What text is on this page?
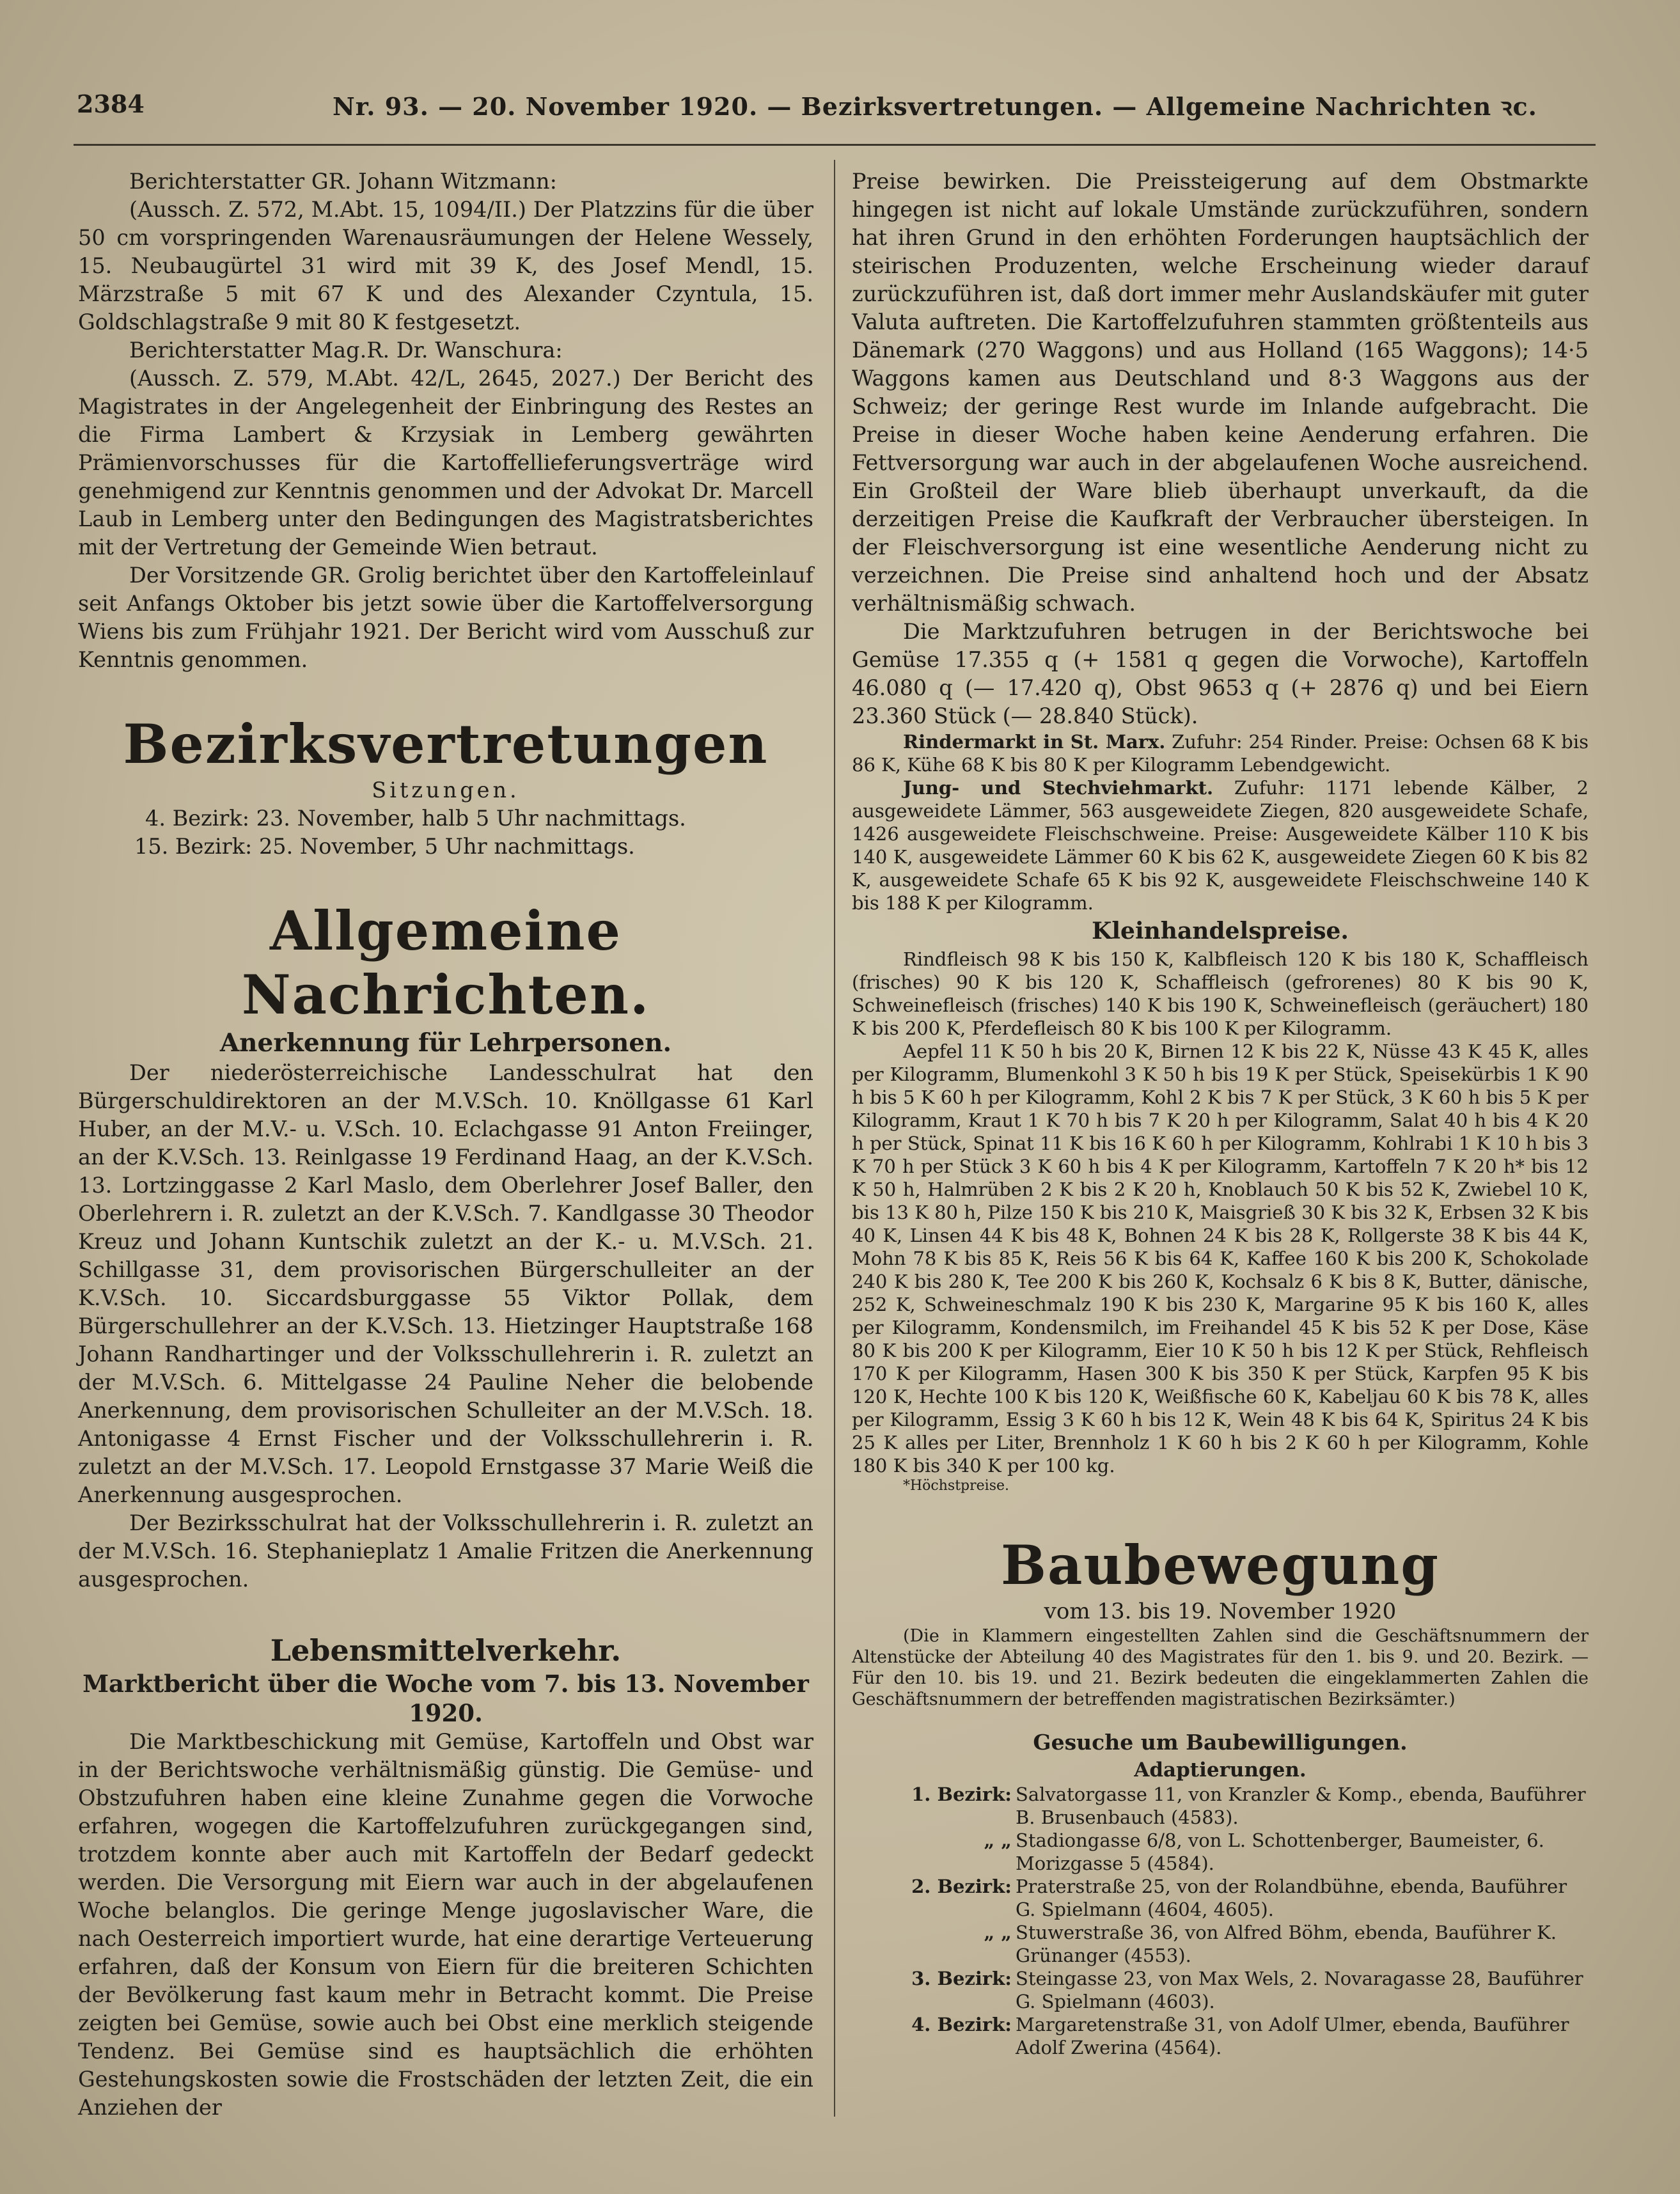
2384	Nr. 93. — 20. November 1920. — Bezirksvertretungen. — Allgemeine Nachrichten ꝛc.

Berichterstatter GR. Johann Witzmann:

(Aussch. Z. 572, M.Abt. 15, 1094/II.) Der Platzzins für die über 50 cm vorspringenden Warenausräumungen der Helene Wessely, 15. Neubaugürtel 31 wird mit 39 K, des Josef Mendl, 15. Märzstraße 5 mit 67 K und des Alexander Czyntula, 15. Goldschlagstraße 9 mit 80 K festgesetzt.

Berichterstatter Mag.R. Dr. Wanschura:

(Aussch. Z. 579, M.Abt. 42/L, 2645, 2027.) Der Bericht des Magistrates in der Angelegenheit der Einbringung des Restes an die Firma Lambert & Krzysiak in Lemberg gewährten Prämienvorschusses für die Kartoffellieferungsverträge wird genehmigend zur Kenntnis genommen und der Advokat Dr. Marcell Laub in Lemberg unter den Bedingungen des Magistratsberichtes mit der Vertretung der Gemeinde Wien betraut.

Der Vorsitzende GR. Grolig berichtet über den Kartoffeleinlauf seit Anfangs Oktober bis jetzt sowie über die Kartoffelversorgung Wiens bis zum Frühjahr 1921. Der Bericht wird vom Ausschuß zur Kenntnis genommen.

Bezirksvertretungen

Sitzungen.

4. Bezirk: 23. November, halb 5 Uhr nachmittags.

15. Bezirk: 25. November, 5 Uhr nachmittags.

Allgemeine Nachrichten.

Anerkennung für Lehrpersonen.

Der niederösterreichische Landesschulrat hat den Bürgerschuldirektoren an der M.V.Sch. 10. Knöllgasse 61 Karl Huber, an der M.V.- u. V.Sch. 10. Eclachgasse 91 Anton Freiinger, an der K.V.Sch. 13. Reinlgasse 19 Ferdinand Haag, an der K.V.Sch. 13. Lortzinggasse 2 Karl Maslo, dem Oberlehrer Josef Baller, den Oberlehrern i. R. zuletzt an der K.V.Sch. 7. Kandlgasse 30 Theodor Kreuz und Johann Kuntschik zuletzt an der K.- u. M.V.Sch. 21. Schillgasse 31, dem provisorischen Bürgerschulleiter an der K.V.Sch. 10. Siccardsburggasse 55 Viktor Pollak, dem Bürgerschullehrer an der K.V.Sch. 13. Hietzinger Hauptstraße 168 Johann Randhartinger und der Volksschullehrerin i. R. zuletzt an der M.V.Sch. 6. Mittelgasse 24 Pauline Neher die belobende Anerkennung, dem provisorischen Schulleiter an der M.V.Sch. 18. Antonigasse 4 Ernst Fischer und der Volksschullehrerin i. R. zuletzt an der M.V.Sch. 17. Leopold Ernstgasse 37 Marie Weiß die Anerkennung ausgesprochen.

Der Bezirksschulrat hat der Volksschullehrerin i. R. zuletzt an der M.V.Sch. 16. Stephanieplatz 1 Amalie Fritzen die Anerkennung ausgesprochen.

Lebensmittelverkehr.

Marktbericht über die Woche vom 7. bis 13. November 1920.

Die Marktbeschickung mit Gemüse, Kartoffeln und Obst war in der Berichtswoche verhältnismäßig günstig. Die Gemüse- und Obstzufuhren haben eine kleine Zunahme gegen die Vorwoche erfahren, wogegen die Kartoffelzufuhren zurückgegangen sind, trotzdem konnte aber auch mit Kartoffeln der Bedarf gedeckt werden. Die Versorgung mit Eiern war auch in der abgelaufenen Woche belanglos. Die geringe Menge jugoslavischer Ware, die nach Oesterreich importiert wurde, hat eine derartige Verteuerung erfahren, daß der Konsum von Eiern für die breiteren Schichten der Bevölkerung fast kaum mehr in Betracht kommt. Die Preise zeigten bei Gemüse, sowie auch bei Obst eine merklich steigende Tendenz. Bei Gemüse sind es hauptsächlich die erhöhten Gestehungskosten sowie die Frostschäden der letzten Zeit, die ein Anziehen der

Preise bewirken. Die Preissteigerung auf dem Obstmarkte hingegen ist nicht auf lokale Umstände zurückzuführen, sondern hat ihren Grund in den erhöhten Forderungen hauptsächlich der steirischen Produzenten, welche Erscheinung wieder darauf zurückzuführen ist, daß dort immer mehr Auslandskäufer mit guter Valuta auftreten. Die Kartoffelzufuhren stammten größtenteils aus Dänemark (270 Waggons) und aus Holland (165 Waggons); 14·5 Waggons kamen aus Deutschland und 8·3 Waggons aus der Schweiz; der geringe Rest wurde im Inlande aufgebracht. Die Preise in dieser Woche haben keine Aenderung erfahren. Die Fettversorgung war auch in der abgelaufenen Woche ausreichend. Ein Großteil der Ware blieb überhaupt unverkauft, da die derzeitigen Preise die Kaufkraft der Verbraucher übersteigen. In der Fleischversorgung ist eine wesentliche Aenderung nicht zu verzeichnen. Die Preise sind anhaltend hoch und der Absatz verhältnismäßig schwach.

Die Marktzufuhren betrugen in der Berichtswoche bei Gemüse 17.355 q (+ 1581 q gegen die Vorwoche), Kartoffeln 46.080 q (— 17.420 q), Obst 9653 q (+ 2876 q) und bei Eiern 23.360 Stück (— 28.840 Stück).

Rindermarkt in St. Marx. Zufuhr: 254 Rinder. Preise: Ochsen 68 K bis 86 K, Kühe 68 K bis 80 K per Kilogramm Lebendgewicht.

Jung- und Stechviehmarkt. Zufuhr: 1171 lebende Kälber, 2 ausgeweidete Lämmer, 563 ausgeweidete Ziegen, 820 ausgeweidete Schafe, 1426 ausgeweidete Fleischschweine. Preise: Ausgeweidete Kälber 110 K bis 140 K, ausgeweidete Lämmer 60 K bis 62 K, ausgeweidete Ziegen 60 K bis 82 K, ausgeweidete Schafe 65 K bis 92 K, ausgeweidete Fleischschweine 140 K bis 188 K per Kilogramm.

Kleinhandelspreise.

Rindfleisch 98 K bis 150 K, Kalbfleisch 120 K bis 180 K, Schaffleisch (frisches) 90 K bis 120 K, Schaffleisch (gefrorenes) 80 K bis 90 K, Schweinefleisch (frisches) 140 K bis 190 K, Schweinefleisch (geräuchert) 180 K bis 200 K, Pferdefleisch 80 K bis 100 K per Kilogramm.

Aepfel 11 K 50 h bis 20 K, Birnen 12 K bis 22 K, Nüsse 43 K 45 K, alles per Kilogramm, Blumenkohl 3 K 50 h bis 19 K per Stück, Speisekürbis 1 K 90 h bis 5 K 60 h per Kilogramm, Kohl 2 K bis 7 K per Stück, 3 K 60 h bis 5 K per Kilogramm, Kraut 1 K 70 h bis 7 K 20 h per Kilogramm, Salat 40 h bis 4 K 20 h per Stück, Spinat 11 K bis 16 K 60 h per Kilogramm, Kohlrabi 1 K 10 h bis 3 K 70 h per Stück 3 K 60 h bis 4 K per Kilogramm, Kartoffeln 7 K 20 h* bis 12 K 50 h, Halmrüben 2 K bis 2 K 20 h, Knoblauch 50 K bis 52 K, Zwiebel 10 K, bis 13 K 80 h, Pilze 150 K bis 210 K, Maisgrieß 30 K bis 32 K, Erbsen 32 K bis 40 K, Linsen 44 K bis 48 K, Bohnen 24 K bis 28 K, Rollgerste 38 K bis 44 K, Mohn 78 K bis 85 K, Reis 56 K bis 64 K, Kaffee 160 K bis 200 K, Schokolade 240 K bis 280 K, Tee 200 K bis 260 K, Kochsalz 6 K bis 8 K, Butter, dänische, 252 K, Schweineschmalz 190 K bis 230 K, Margarine 95 K bis 160 K, alles per Kilogramm, Kondensmilch, im Freihandel 45 K bis 52 K per Dose, Käse 80 K bis 200 K per Kilogramm, Eier 10 K 50 h bis 12 K per Stück, Rehfleisch 170 K per Kilogramm, Hasen 300 K bis 350 K per Stück, Karpfen 95 K bis 120 K, Hechte 100 K bis 120 K, Weißfische 60 K, Kabeljau 60 K bis 78 K, alles per Kilogramm, Essig 3 K 60 h bis 12 K, Wein 48 K bis 64 K, Spiritus 24 K bis 25 K alles per Liter, Brennholz 1 K 60 h bis 2 K 60 h per Kilogramm, Kohle 180 K bis 340 K per 100 kg.

*Höchstpreise.

Baubewegung

vom 13. bis 19. November 1920

(Die in Klammern eingestellten Zahlen sind die Geschäftsnummern der Altenstücke der Abteilung 40 des Magistrates für den 1. bis 9. und 20. Bezirk. — Für den 10. bis 19. und 21. Bezirk bedeuten die eingeklammerten Zahlen die Geschäftsnummern der betreffenden magistratischen Bezirksämter.)

Gesuche um Baubewilligungen.

Adaptierungen.

1. Bezirk: Salvatorgasse 11, von Kranzler & Komp., ebenda, Bauführer B. Brusenbauch (4583).
„ „ Stadiongasse 6/8, von L. Schottenberger, Baumeister, 6. Morizgasse 5 (4584).
2. Bezirk: Praterstraße 25, von der Rolandbühne, ebenda, Bauführer G. Spielmann (4604, 4605).
„ „ Stuwerstraße 36, von Alfred Böhm, ebenda, Bauführer K. Grünanger (4553).
3. Bezirk: Steingasse 23, von Max Wels, 2. Novaragasse 28, Bauführer G. Spielmann (4603).
4. Bezirk: Margaretenstraße 31, von Adolf Ulmer, ebenda, Bauführer Adolf Zwerina (4564).
